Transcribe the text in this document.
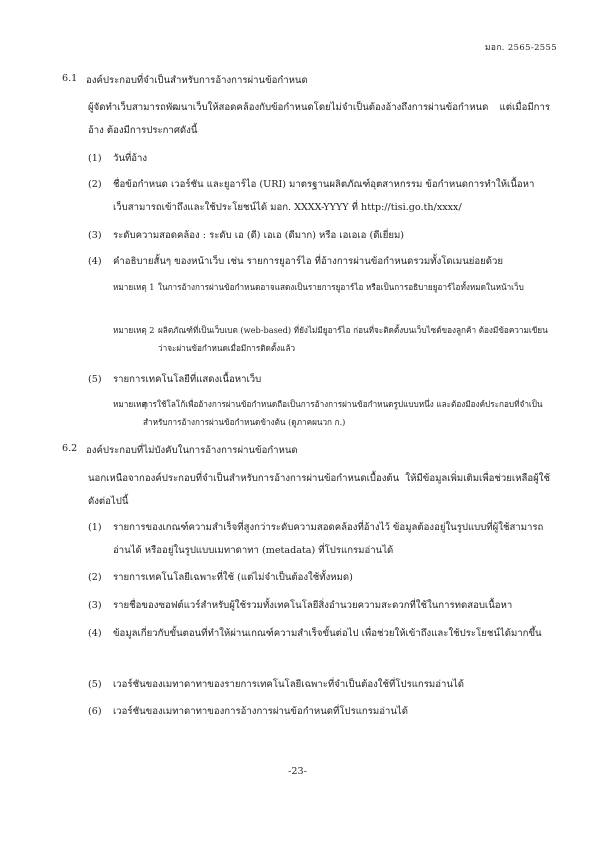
มอก. 2565-2555
6.1 องค์ประกอบที่จำเป็นสำหรับการอ้างการผ่านข้อกำหนด
ผู้จัดทำเว็บสามารถพัฒนาเว็บให้สอดคล้องกับข้อกำหนดโดยไม่จำเป็นต้องอ้างถึงการผ่านข้อกำหนด แต่เมื่อมีการอ้าง ต้องมีการประกาศดังนี้
(1) วันที่อ้าง
(2) ชื่อข้อกำหนด เวอร์ชัน และยูอาร์ไอ (URI) มาตรฐานผลิตภัณฑ์อุตสาหกรรม ข้อกำหนดการทำให้เนื้อหาเว็บสามารถเข้าถึงและใช้ประโยชน์ได้ มอก. XXXX-YYYY ที่ http://tisi.go.th/xxxx/
(3) ระดับความสอดคล้อง : ระดับ เอ (ดี) เอเอ (ดีมาก) หรือ เอเอเอ (ดีเยี่ยม)
(4) คำอธิบายสั้นๆ ของหน้าเว็บ เช่น รายการยูอาร์ไอ ที่อ้างการผ่านข้อกำหนดรวมทั้งโดเมนย่อยด้วย
หมายเหตุ 1 ในการอ้างการผ่านข้อกำหนดอาจแสดงเป็นรายการยูอาร์ไอ หรือเป็นการอธิบายยูอาร์ไอทั้งหมดในหน้าเว็บ
หมายเหตุ 2 ผลิตภัณฑ์ที่เป็นเว็บเบต (web-based) ที่ยังไม่มียูอาร์ไอ ก่อนที่จะติดตั้งบนเว็บไซต์ของลูกค้า ต้องมีข้อความเขียนว่าจะผ่านข้อกำหนดเมื่อมีการติดตั้งแล้ว
(5) รายการเทคโนโลยีที่แสดงเนื้อหาเว็บ
หมายเหตุ
การใช้โลโก้เพื่ออ้างการผ่านข้อกำหนดถือเป็นการอ้างการผ่านข้อกำหนดรูปแบบหนึ่ง และต้องมีองค์ประกอบที่จำเป็นสำหรับการอ้างการผ่านข้อกำหนดข้างต้น (ดูภาคผนวก ก.)
6.2 องค์ประกอบที่ไม่บังคับในการอ้างการผ่านข้อกำหนด
นอกเหนือจากองค์ประกอบที่จำเป็นสำหรับการอ้างการผ่านข้อกำหนดเบื้องต้น ให้มีข้อมูลเพิ่มเติมเพื่อช่วยเหลือผู้ใช้ ดังต่อไปนี้
(1) รายการของเกณฑ์ความสำเร็จที่สูงกว่าระดับความสอดคล้องที่อ้างไว้ ข้อมูลต้องอยู่ในรูปแบบที่ผู้ใช้สามารถอ่านได้ หรืออยู่ในรูปแบบเมทาดาทา (metadata) ที่โปรแกรมอ่านได้
(2) รายการเทคโนโลยีเฉพาะที่ใช้ (แต่ไม่จำเป็นต้องใช้ทั้งหมด)
(3) รายชื่อของซอฟต์แวร์สำหรับผู้ใช้รวมทั้งเทคโนโลยีสิ่งอำนวยความสะดวกที่ใช้ในการทดสอบเนื้อหา
(4) ข้อมูลเกี่ยวกับขั้นตอนที่ทำให้ผ่านเกณฑ์ความสำเร็จขั้นต่อไป เพื่อช่วยให้เข้าถึงและใช้ประโยชน์ได้มากขึ้น
(5) เวอร์ชันของเมทาดาทาของรายการเทคโนโลยีเฉพาะที่จำเป็นต้องใช้ที่โปรแกรมอ่านได้
(6) เวอร์ชันของเมทาดาทาของการอ้างการผ่านข้อกำหนดที่โปรแกรมอ่านได้
-23-
